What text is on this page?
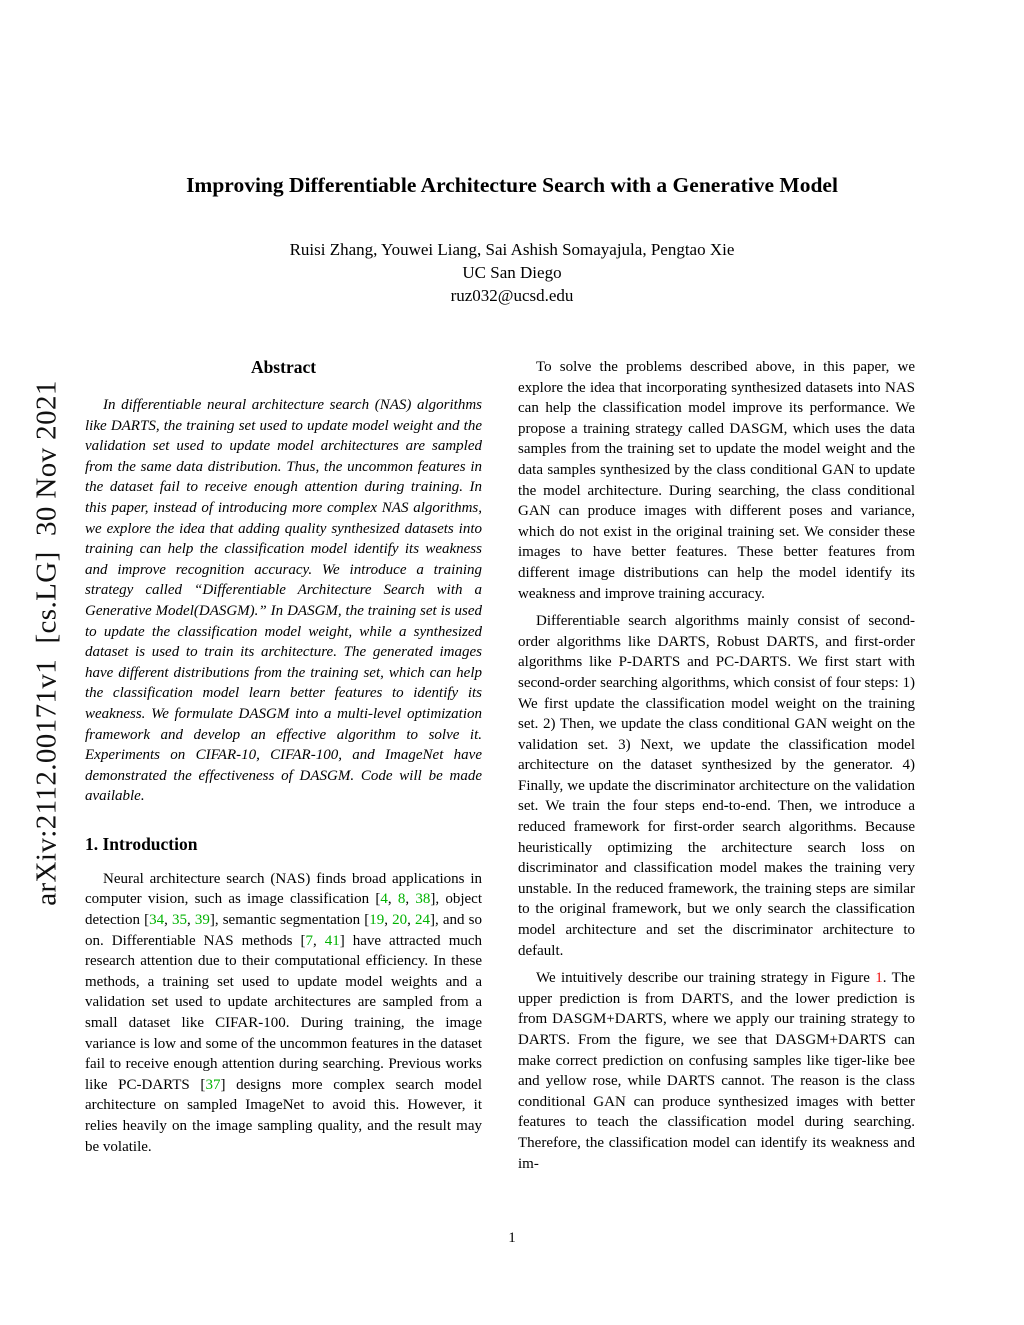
arXiv:2112.00171v1  [cs.LG]  30 Nov 2021
Improving Differentiable Architecture Search with a Generative Model
Ruisi Zhang, Youwei Liang, Sai Ashish Somayajula, Pengtao Xie
UC San Diego
ruz032@ucsd.edu
Abstract

In differentiable neural architecture search (NAS) algorithms like DARTS, the training set used to update model weight and the validation set used to update model architectures are sampled from the same data distribution. Thus, the uncommon features in the dataset fail to receive enough attention during training. In this paper, instead of introducing more complex NAS algorithms, we explore the idea that adding quality synthesized datasets into training can help the classification model identify its weakness and improve recognition accuracy. We introduce a training strategy called “Differentiable Architecture Search with a Generative Model(DASGM).” In DASGM, the training set is used to update the classification model weight, while a synthesized dataset is used to train its architecture. The generated images have different distributions from the training set, which can help the classification model learn better features to identify its weakness. We formulate DASGM into a multi-level optimization framework and develop an effective algorithm to solve it. Experiments on CIFAR-10, CIFAR-100, and ImageNet have demonstrated the effectiveness of DASGM. Code will be made available.

1. Introduction

Neural architecture search (NAS) finds broad applications in computer vision, such as image classification [4, 8, 38], object detection [34, 35, 39], semantic segmentation [19, 20, 24], and so on. Differentiable NAS methods [7, 41] have attracted much research attention due to their computational efficiency. In these methods, a training set used to update model weights and a validation set used to update architectures are sampled from a small dataset like CIFAR-100. During training, the image variance is low and some of the uncommon features in the dataset fail to receive enough attention during searching. Previous works like PC-DARTS [37] designs more complex search model architecture on sampled ImageNet to avoid this. However, it relies heavily on the image sampling quality, and the result may be volatile.

To solve the problems described above, in this paper, we explore the idea that incorporating synthesized datasets into NAS can help the classification model improve its performance. We propose a training strategy called DASGM, which uses the data samples from the training set to update the model weight and the data samples synthesized by the class conditional GAN to update the model architecture. During searching, the class conditional GAN can produce images with different poses and variance, which do not exist in the original training set. We consider these images to have better features. These better features from different image distributions can help the model identify its weakness and improve training accuracy.

Differentiable search algorithms mainly consist of second-order algorithms like DARTS, Robust DARTS, and first-order algorithms like P-DARTS and PC-DARTS. We first start with second-order searching algorithms, which consist of four steps: 1) We first update the classification model weight on the training set. 2) Then, we update the class conditional GAN weight on the validation set. 3) Next, we update the classification model architecture on the dataset synthesized by the generator. 4) Finally, we update the discriminator architecture on the validation set. We train the four steps end-to-end. Then, we introduce a reduced framework for first-order search algorithms. Because heuristically optimizing the architecture search loss on discriminator and classification model makes the training very unstable. In the reduced framework, the training steps are similar to the original framework, but we only search the classification model architecture and set the discriminator architecture to default.

We intuitively describe our training strategy in Figure 1. The upper prediction is from DARTS, and the lower prediction is from DASGM+DARTS, where we apply our training strategy to DARTS. From the figure, we see that DASGM+DARTS can make correct prediction on confusing samples like tiger-like bee and yellow rose, while DARTS cannot. The reason is the class conditional GAN can produce synthesized images with better features to teach the classification model during searching. Therefore, the classification model can identify its weakness and im-

1
